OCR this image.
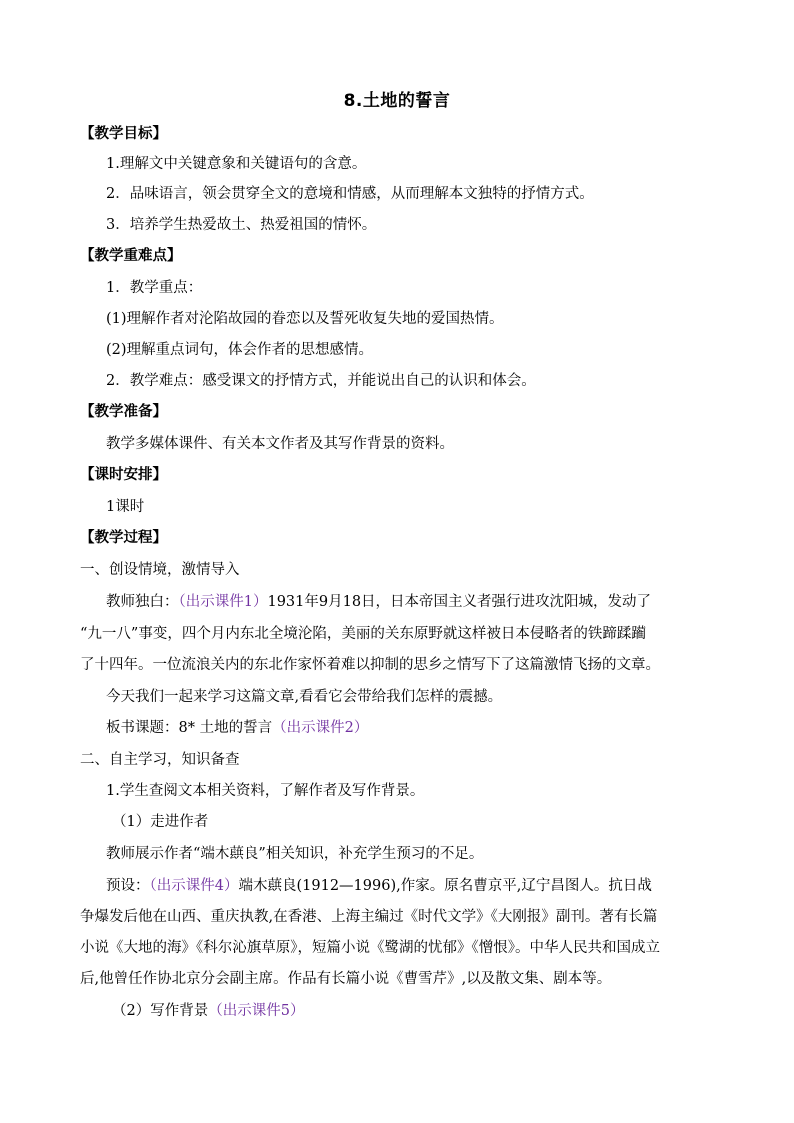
8.土地的誓言
【教学目标】
1.理解文中关键意象和关键语句的含意。
2．品味语言，领会贯穿全文的意境和情感，从而理解本文独特的抒情方式。
3．培养学生热爱故土、热爱祖国的情怀。
【教学重难点】
1．教学重点：
(1)理解作者对沦陷故园的眷恋以及誓死收复失地的爱国热情。
(2)理解重点词句，体会作者的思想感情。
2．教学难点：感受课文的抒情方式，并能说出自己的认识和体会。
【教学准备】
教学多媒体课件、有关本文作者及其写作背景的资料。
【课时安排】
1课时
【教学过程】
一、创设情境，激情导入
教师独白：（出示课件1）1931年9月18日，日本帝国主义者强行进攻沈阳城，发动了
“九一八”事变，四个月内东北全境沦陷，美丽的关东原野就这样被日本侵略者的铁蹄蹂躏
了十四年。一位流浪关内的东北作家怀着难以抑制的思乡之情写下了这篇激情飞扬的文章。
今天我们一起来学习这篇文章,看看它会带给我们怎样的震撼。
板书课题：8* 土地的誓言（出示课件2）
二、自主学习，知识备查
1.学生查阅文本相关资料，了解作者及写作背景。
（1）走进作者
教师展示作者“端木蕻良”相关知识，补充学生预习的不足。
预设：（出示课件4）端木蕻良(1912—1996),作家。原名曹京平,辽宁昌图人。抗日战
争爆发后他在山西、重庆执教,在香港、上海主编过《时代文学》《大刚报》副刊。著有长篇
小说《大地的海》《科尔沁旗草原》，短篇小说《鹭湖的忧郁》《憎恨》。中华人民共和国成立
后,他曾任作协北京分会副主席。作品有长篇小说《曹雪芹》,以及散文集、剧本等。
（2）写作背景（出示课件5）
